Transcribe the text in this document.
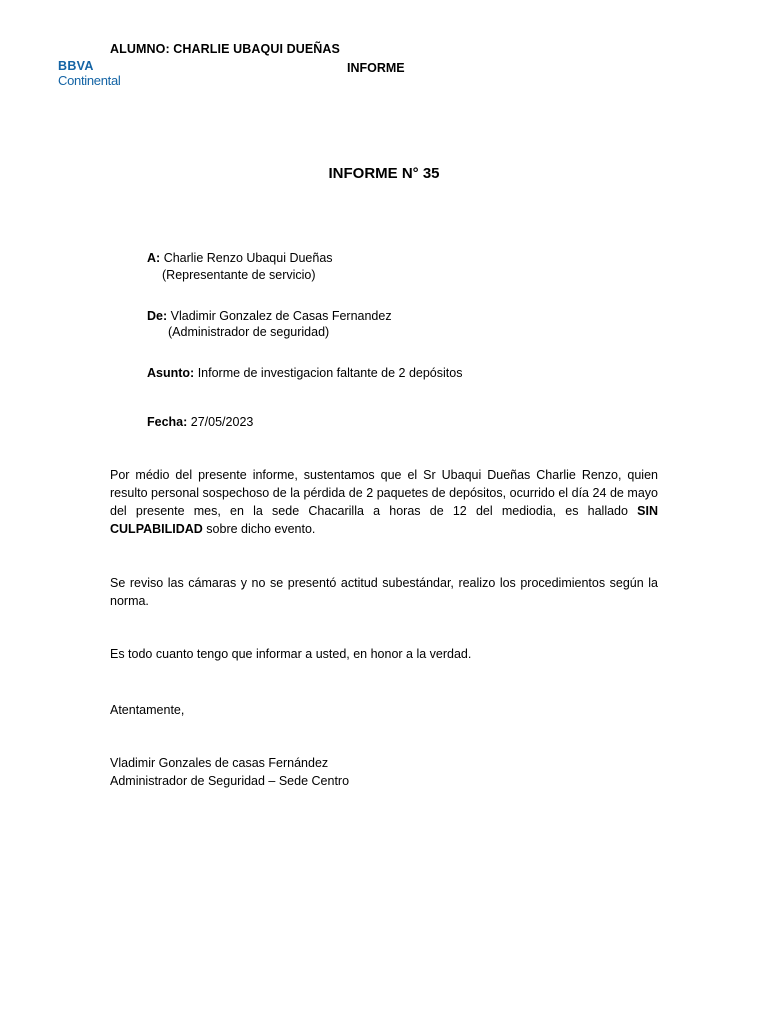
ALUMNO: CHARLIE UBAQUI DUEÑAS
BBVA
Continental
INFORME
INFORME N° 35
A: Charlie Renzo Ubaqui Dueñas
(Representante de servicio)
De: Vladimir Gonzalez de Casas Fernandez
(Administrador de seguridad)
Asunto: Informe de investigacion faltante de 2 depósitos
Fecha: 27/05/2023
Por médio del presente informe, sustentamos que el Sr Ubaqui Dueñas Charlie Renzo, quien resulto personal sospechoso de la pérdida de 2 paquetes de depósitos, ocurrido el día 24 de mayo del presente mes, en la sede Chacarilla a horas de 12 del mediodia, es hallado SIN CULPABILIDAD sobre dicho evento.
Se reviso las cámaras y no se presentó actitud subestándar, realizo los procedimientos según la norma.
Es todo cuanto tengo que informar a usted, en honor a la verdad.
Atentamente,
Vladimir Gonzales de casas Fernández
Administrador de Seguridad – Sede Centro
